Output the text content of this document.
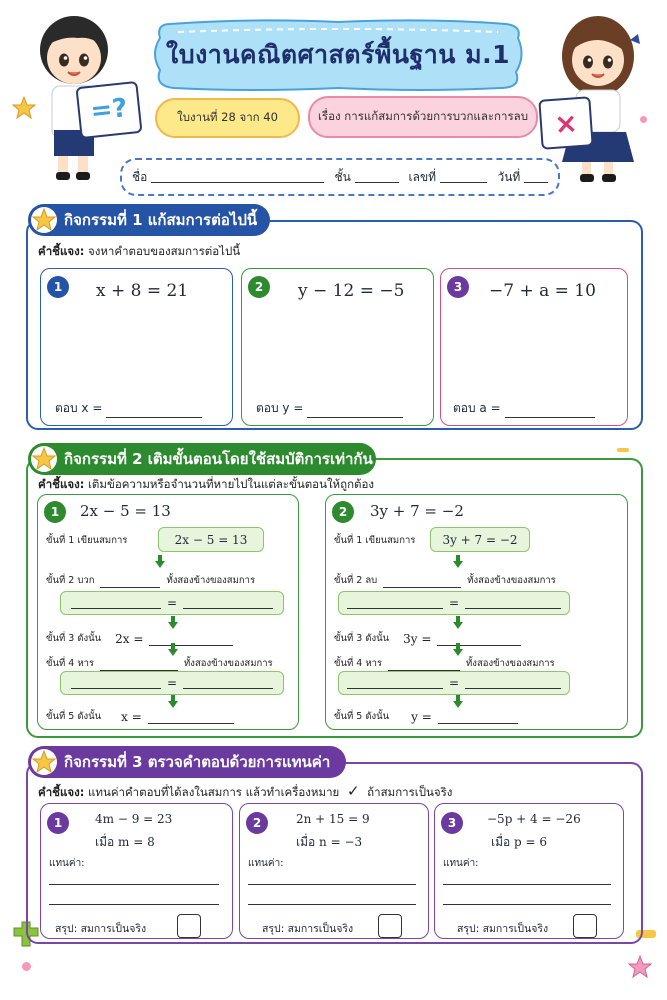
=?	×
ใบงานคณิตศาสตร์พื้นฐาน ม.1
ใบงานที่ 28 จาก 40	เรื่อง การแก้สมการด้วยการบวกและการลบ
ชื่อ	ชั้น	เลขที่	วันที่
กิจกรรมที่ 1 แก้สมการต่อไปนี้
คำชี้แจง: จงหาคำตอบของสมการต่อไปนี้
1	x + 8 = 21
ตอบ x =
2	y − 12 = −5
ตอบ y =
3	−7 + a = 10
ตอบ a =
กิจกรรมที่ 2 เติมขั้นตอนโดยใช้สมบัติการเท่ากัน
คำชี้แจง: เติมข้อความหรือจำนวนที่หายไปในแต่ละขั้นตอนให้ถูกต้อง
1	2x − 5 = 13
ขั้นที่ 1 เขียนสมการ	2x − 5 = 13
ขั้นที่ 2 บวก	ทั้งสองข้างของสมการ
=
ขั้นที่ 3 ดังนั้น 2x =
ขั้นที่ 4 หาร	ทั้งสองข้างของสมการ
=
ขั้นที่ 5 ดังนั้น x =
2	3y + 7 = −2
ขั้นที่ 1 เขียนสมการ	3y + 7 = −2
ขั้นที่ 2 ลบ	ทั้งสองข้างของสมการ
=
ขั้นที่ 3 ดังนั้น 3y =
ขั้นที่ 4 หาร	ทั้งสองข้างของสมการ
=
ขั้นที่ 5 ดังนั้น y =
กิจกรรมที่ 3 ตรวจคำตอบด้วยการแทนค่า
คำชี้แจง: แทนค่าคำตอบที่ได้ลงในสมการ แล้วทำเครื่องหมาย ✓ ถ้าสมการเป็นจริง
1	4m − 9 = 23
เมื่อ m = 8
แทนค่า:
สรุป: สมการเป็นจริง
2	2n + 15 = 9
เมื่อ n = −3
แทนค่า:
สรุป: สมการเป็นจริง
3	−5p + 4 = −26
เมื่อ p = 6
แทนค่า:
สรุป: สมการเป็นจริง
